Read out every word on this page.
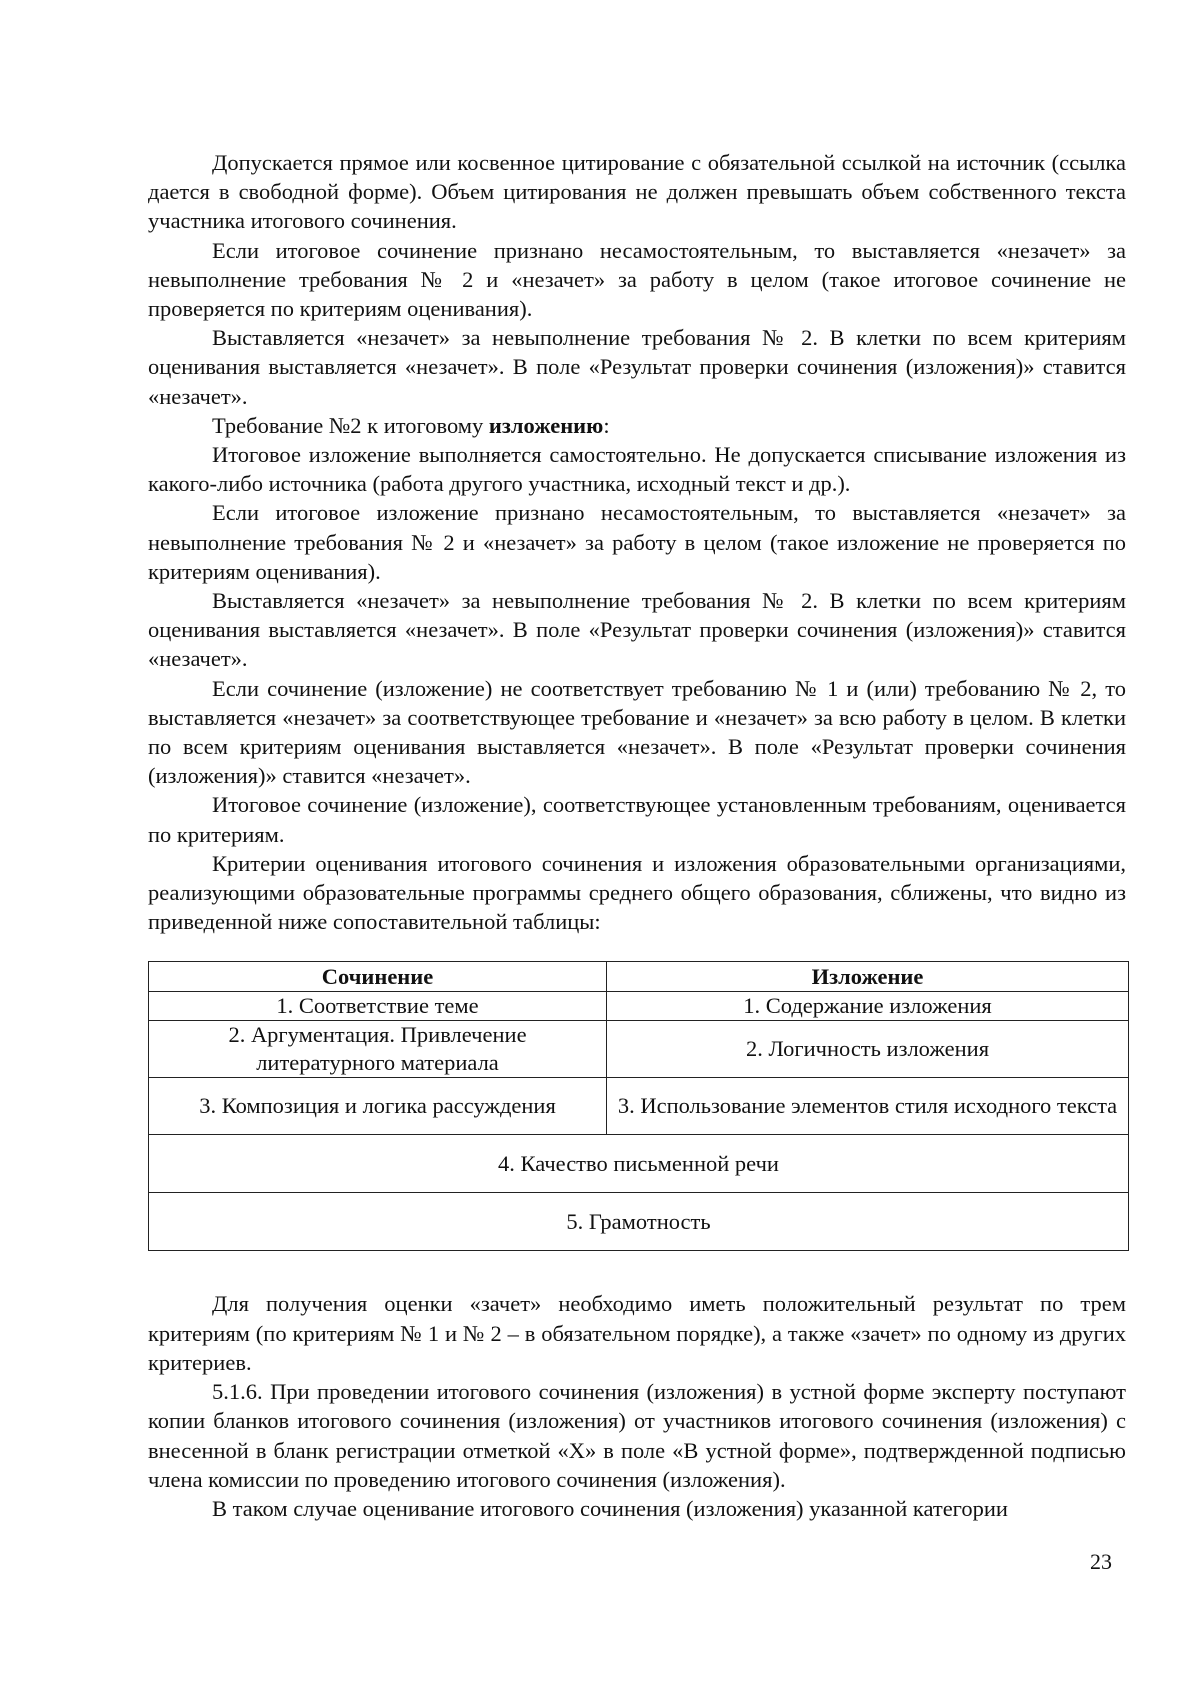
Допускается прямое или косвенное цитирование с обязательной ссылкой на источник (ссылка дается в свободной форме). Объем цитирования не должен превышать объем собственного текста участника итогового сочинения.

Если итоговое сочинение признано несамостоятельным, то выставляется «незачет» за невыполнение требования № 2 и «незачет» за работу в целом (такое итоговое сочинение не проверяется по критериям оценивания).

Выставляется «незачет» за невыполнение требования № 2. В клетки по всем критериям оценивания выставляется «незачет». В поле «Результат проверки сочинения (изложения)» ставится «незачет».

Требование №2 к итоговому изложению:

Итоговое изложение выполняется самостоятельно. Не допускается списывание изложения из какого-либо источника (работа другого участника, исходный текст и др.).

Если итоговое изложение признано несамостоятельным, то выставляется «незачет» за невыполнение требования № 2 и «незачет» за работу в целом (такое изложение не проверяется по критериям оценивания).

Выставляется «незачет» за невыполнение требования № 2. В клетки по всем критериям оценивания выставляется «незачет». В поле «Результат проверки сочинения (изложения)» ставится «незачет».

Если сочинение (изложение) не соответствует требованию № 1 и (или) требованию № 2, то выставляется «незачет» за соответствующее требование и «незачет» за всю работу в целом. В клетки по всем критериям оценивания выставляется «незачет». В поле «Результат проверки сочинения (изложения)» ставится «незачет».

Итоговое сочинение (изложение), соответствующее установленным требованиям, оценивается по критериям.

Критерии оценивания итогового сочинения и изложения образовательными организациями, реализующими образовательные программы среднего общего образования, сближены, что видно из приведенной ниже сопоставительной таблицы:

Сочинение	Изложение
1. Соответствие теме	1. Содержание изложения
2. Аргументация. Привлечение литературного материала	2. Логичность изложения
3. Композиция и логика рассуждения	3. Использование элементов стиля исходного текста
4. Качество письменной речи	
5. Грамотность	

Для получения оценки «зачет» необходимо иметь положительный результат по трем критериям (по критериям № 1 и № 2 – в обязательном порядке), а также «зачет» по одному из других критериев.

5.1.6. При проведении итогового сочинения (изложения) в устной форме эксперту поступают копии бланков итогового сочинения (изложения) от участников итогового сочинения (изложения) с внесенной в бланк регистрации отметкой «X» в поле «В устной форме», подтвержденной подписью члена комиссии по проведению итогового сочинения (изложения).

В таком случае оценивание итогового сочинения (изложения) указанной категории

23
